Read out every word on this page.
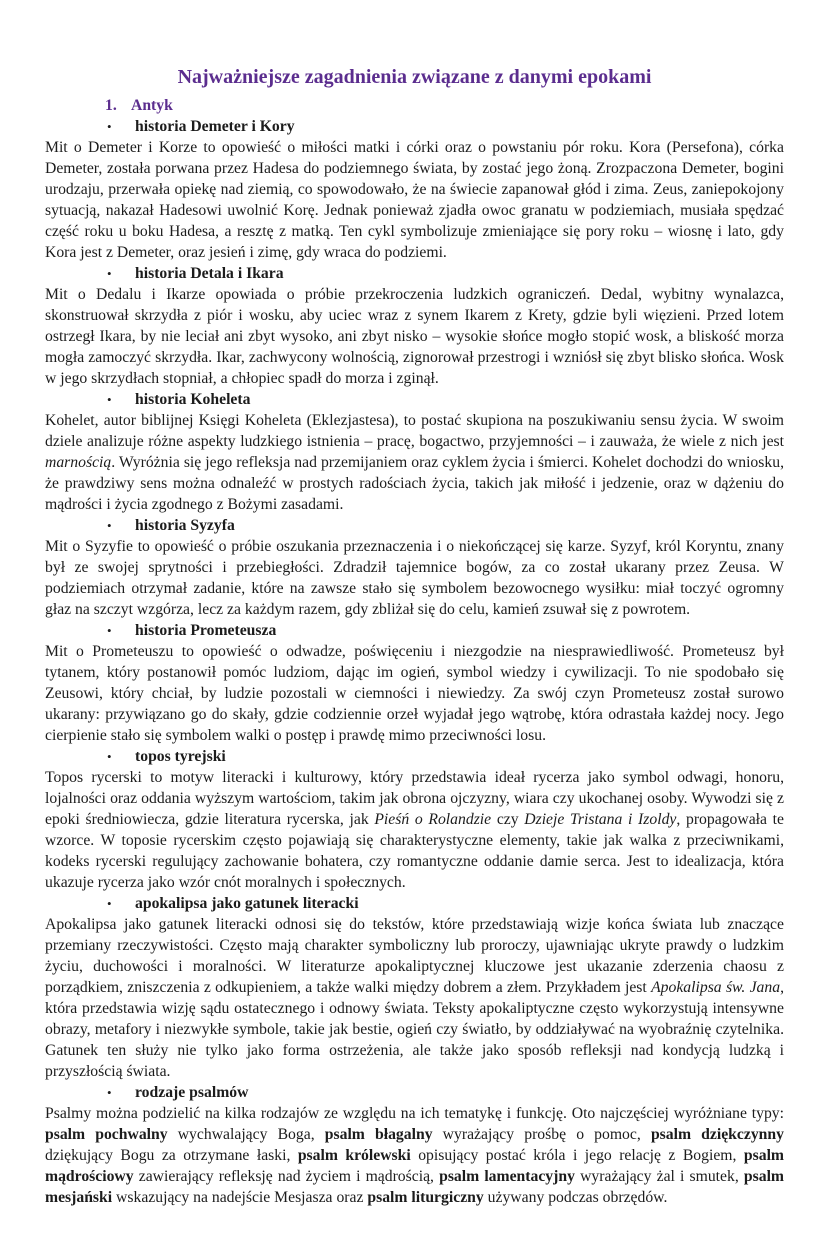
Najważniejsze zagadnienia związane z danymi epokami
1. Antyk
•	historia Demeter i Kory

Mit o Demeter i Korze to opowieść o miłości matki i córki oraz o powstaniu pór roku. Kora (Persefona), córka Demeter, została porwana przez Hadesa do podziemnego świata, by zostać jego żoną. Zrozpaczona Demeter, bogini urodzaju, przerwała opiekę nad ziemią, co spowodowało, że na świecie zapanował głód i zima. Zeus, zaniepokojony sytuacją, nakazał Hadesowi uwolnić Korę. Jednak ponieważ zjadła owoc granatu w podziemiach, musiała spędzać część roku u boku Hadesa, a resztę z matką. Ten cykl symbolizuje zmieniające się pory roku – wiosnę i lato, gdy Kora jest z Demeter, oraz jesień i zimę, gdy wraca do podziemi.

•	historia Detala i Ikara

Mit o Dedalu i Ikarze opowiada o próbie przekroczenia ludzkich ograniczeń. Dedal, wybitny wynalazca, skonstruował skrzydła z piór i wosku, aby uciec wraz z synem Ikarem z Krety, gdzie byli więzieni. Przed lotem ostrzegł Ikara, by nie leciał ani zbyt wysoko, ani zbyt nisko – wysokie słońce mogło stopić wosk, a bliskość morza mogła zamoczyć skrzydła. Ikar, zachwycony wolnością, zignorował przestrogi i wzniósł się zbyt blisko słońca. Wosk w jego skrzydłach stopniał, a chłopiec spadł do morza i zginął.

•	historia Koheleta

Kohelet, autor biblijnej Księgi Koheleta (Eklezjastesa), to postać skupiona na poszukiwaniu sensu życia. W swoim dziele analizuje różne aspekty ludzkiego istnienia – pracę, bogactwo, przyjemności – i zauważa, że wiele z nich jest marnością. Wyróżnia się jego refleksja nad przemijaniem oraz cyklem życia i śmierci. Kohelet dochodzi do wniosku, że prawdziwy sens można odnaleźć w prostych radościach życia, takich jak miłość i jedzenie, oraz w dążeniu do mądrości i życia zgodnego z Bożymi zasadami.

•	historia Syzyfa

Mit o Syzyfie to opowieść o próbie oszukania przeznaczenia i o niekończącej się karze. Syzyf, król Koryntu, znany był ze swojej sprytności i przebiegłości. Zdradził tajemnice bogów, za co został ukarany przez Zeusa. W podziemiach otrzymał zadanie, które na zawsze stało się symbolem bezowocnego wysiłku: miał toczyć ogromny głaz na szczyt wzgórza, lecz za każdym razem, gdy zbliżał się do celu, kamień zsuwał się z powrotem.

•	historia Prometeusza

Mit o Prometeuszu to opowieść o odwadze, poświęceniu i niezgodzie na niesprawiedliwość. Prometeusz był tytanem, który postanowił pomóc ludziom, dając im ogień, symbol wiedzy i cywilizacji. To nie spodobało się Zeusowi, który chciał, by ludzie pozostali w ciemności i niewiedzy. Za swój czyn Prometeusz został surowo ukarany: przywiązano go do skały, gdzie codziennie orzeł wyjadał jego wątrobę, która odrastała każdej nocy. Jego cierpienie stało się symbolem walki o postęp i prawdę mimo przeciwności losu.

•	topos tyrejski

Topos rycerski to motyw literacki i kulturowy, który przedstawia ideał rycerza jako symbol odwagi, honoru, lojalności oraz oddania wyższym wartościom, takim jak obrona ojczyzny, wiara czy ukochanej osoby. Wywodzi się z epoki średniowiecza, gdzie literatura rycerska, jak Pieśń o Rolandzie czy Dzieje Tristana i Izoldy, propagowała te wzorce. W toposie rycerskim często pojawiają się charakterystyczne elementy, takie jak walka z przeciwnikami, kodeks rycerski regulujący zachowanie bohatera, czy romantyczne oddanie damie serca. Jest to idealizacja, która ukazuje rycerza jako wzór cnót moralnych i społecznych.

•	apokalipsa jako gatunek literacki

Apokalipsa jako gatunek literacki odnosi się do tekstów, które przedstawiają wizje końca świata lub znaczące przemiany rzeczywistości. Często mają charakter symboliczny lub proroczy, ujawniając ukryte prawdy o ludzkim życiu, duchowości i moralności. W literaturze apokaliptycznej kluczowe jest ukazanie zderzenia chaosu z porządkiem, zniszczenia z odkupieniem, a także walki między dobrem a złem. Przykładem jest Apokalipsa św. Jana, która przedstawia wizję sądu ostatecznego i odnowy świata. Teksty apokaliptyczne często wykorzystują intensywne obrazy, metafory i niezwykłe symbole, takie jak bestie, ogień czy światło, by oddziaływać na wyobraźnię czytelnika. Gatunek ten służy nie tylko jako forma ostrzeżenia, ale także jako sposób refleksji nad kondycją ludzką i przyszłością świata.

•	rodzaje psalmów

Psalmy można podzielić na kilka rodzajów ze względu na ich tematykę i funkcję. Oto najczęściej wyróżniane typy: psalm pochwalny wychwalający Boga, psalm błagalny wyrażający prośbę o pomoc, psalm dziękczynny dziękujący Bogu za otrzymane łaski, psalm królewski opisujący postać króla i jego relację z Bogiem, psalm mądrościowy zawierający refleksję nad życiem i mądrością, psalm lamentacyjny wyrażający żal i smutek, psalm mesjański wskazujący na nadejście Mesjasza oraz psalm liturgiczny używany podczas obrzędów.
